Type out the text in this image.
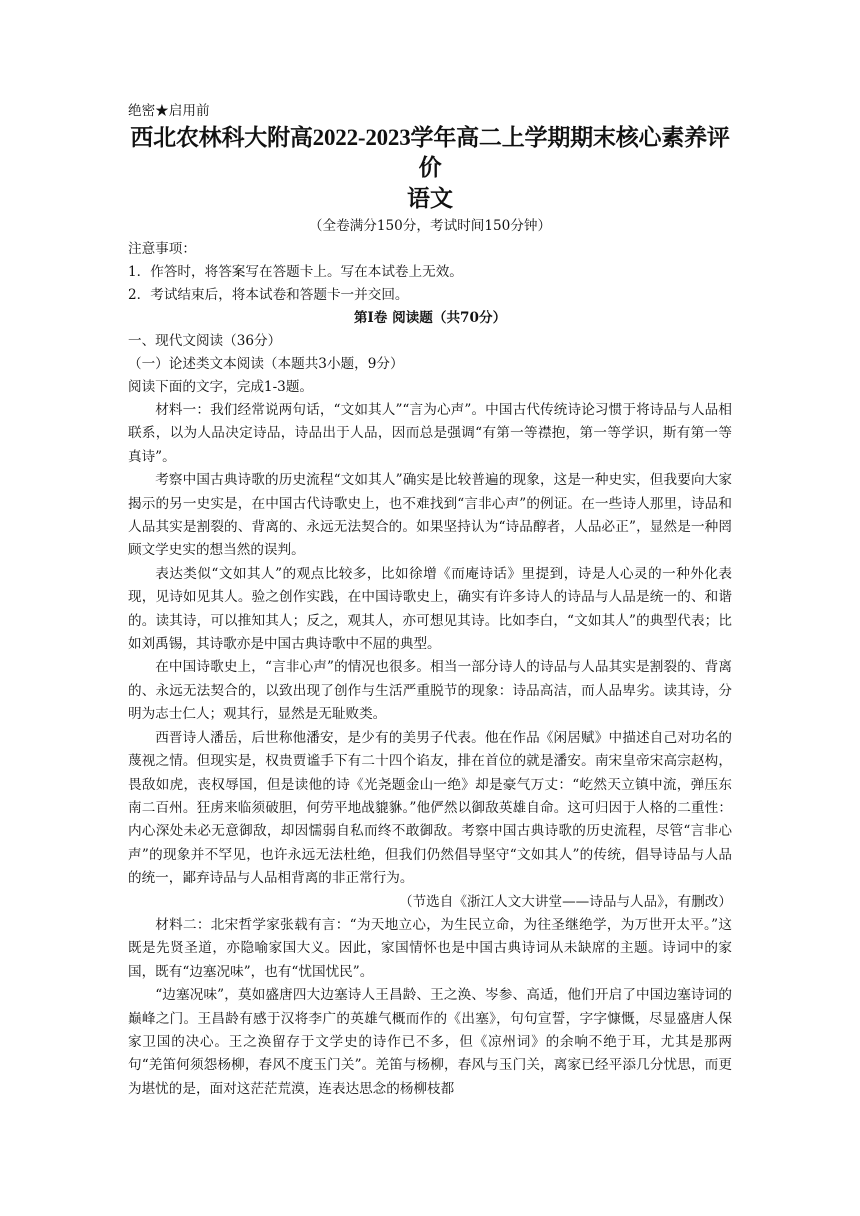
绝密★启用前

西北农林科大附高2022-2023学年高二上学期期末核心素养评价

语文

（全卷满分150分，考试时间150分钟）

注意事项：

1．作答时，将答案写在答题卡上。写在本试卷上无效。

2．考试结束后，将本试卷和答题卡一并交回。

第Ⅰ卷 阅读题（共70分）

一、现代文阅读（36分）

（一）论述类文本阅读（本题共3小题，9分）

阅读下面的文字，完成1-3题。

材料一：我们经常说两句话，“文如其人”“言为心声”。中国古代传统诗论习惯于将诗品与人品相联系，以为人品决定诗品，诗品出于人品，因而总是强调“有第一等襟抱，第一等学识，斯有第一等真诗”。

考察中国古典诗歌的历史流程“文如其人”确实是比较普遍的现象，这是一种史实，但我要向大家揭示的另一史实是，在中国古代诗歌史上，也不难找到“言非心声”的例证。在一些诗人那里，诗品和人品其实是割裂的、背离的、永远无法契合的。如果坚持认为“诗品醇者，人品必正”，显然是一种罔顾文学史实的想当然的误判。

表达类似“文如其人”的观点比较多，比如徐增《而庵诗话》里提到，诗是人心灵的一种外化表现，见诗如见其人。验之创作实践，在中国诗歌史上，确实有许多诗人的诗品与人品是统一的、和谐的。读其诗，可以推知其人；反之，观其人，亦可想见其诗。比如李白，“文如其人”的典型代表；比如刘禹锡，其诗歌亦是中国古典诗歌中不屈的典型。

在中国诗歌史上，“言非心声”的情况也很多。相当一部分诗人的诗品与人品其实是割裂的、背离的、永远无法契合的，以致出现了创作与生活严重脱节的现象：诗品高洁，而人品卑劣。读其诗，分明为志士仁人；观其行，显然是无耻败类。

西晋诗人潘岳，后世称他潘安，是少有的美男子代表。他在作品《闲居赋》中描述自己对功名的蔑视之情。但现实是，权贵贾谧手下有二十四个谄友，排在首位的就是潘安。南宋皇帝宋高宗赵构，畏敌如虎，丧权辱国，但是读他的诗《光尧题金山一绝》却是豪气万丈：“屹然天立镇中流，弹压东南二百州。狂虏来临须破胆，何劳平地战貔貅。”他俨然以御敌英雄自命。这可归因于人格的二重性：内心深处未必无意御敌，却因懦弱自私而终不敢御敌。考察中国古典诗歌的历史流程，尽管“言非心声”的现象并不罕见，也许永远无法杜绝，但我们仍然倡导坚守“文如其人”的传统，倡导诗品与人品的统一，鄙弃诗品与人品相背离的非正常行为。

（节选自《浙江人文大讲堂——诗品与人品》，有删改）

材料二：北宋哲学家张载有言：“为天地立心，为生民立命，为往圣继绝学，为万世开太平。”这既是先贤圣道，亦隐喻家国大义。因此，家国情怀也是中国古典诗词从未缺席的主题。诗词中的家国，既有“边塞况味”，也有“忧国忧民”。

“边塞况味”，莫如盛唐四大边塞诗人王昌龄、王之涣、岑参、高适，他们开启了中国边塞诗词的巅峰之门。王昌龄有感于汉将李广的英雄气概而作的《出塞》，句句宣誓，字字慷慨，尽显盛唐人保家卫国的决心。王之涣留存于文学史的诗作已不多，但《凉州词》的余响不绝于耳，尤其是那两句“羌笛何须怨杨柳，春风不度玉门关”。羌笛与杨柳，春风与玉门关，离家已经平添几分忧思，而更为堪忧的是，面对这茫茫荒漠，连表达思念的杨柳枝都
